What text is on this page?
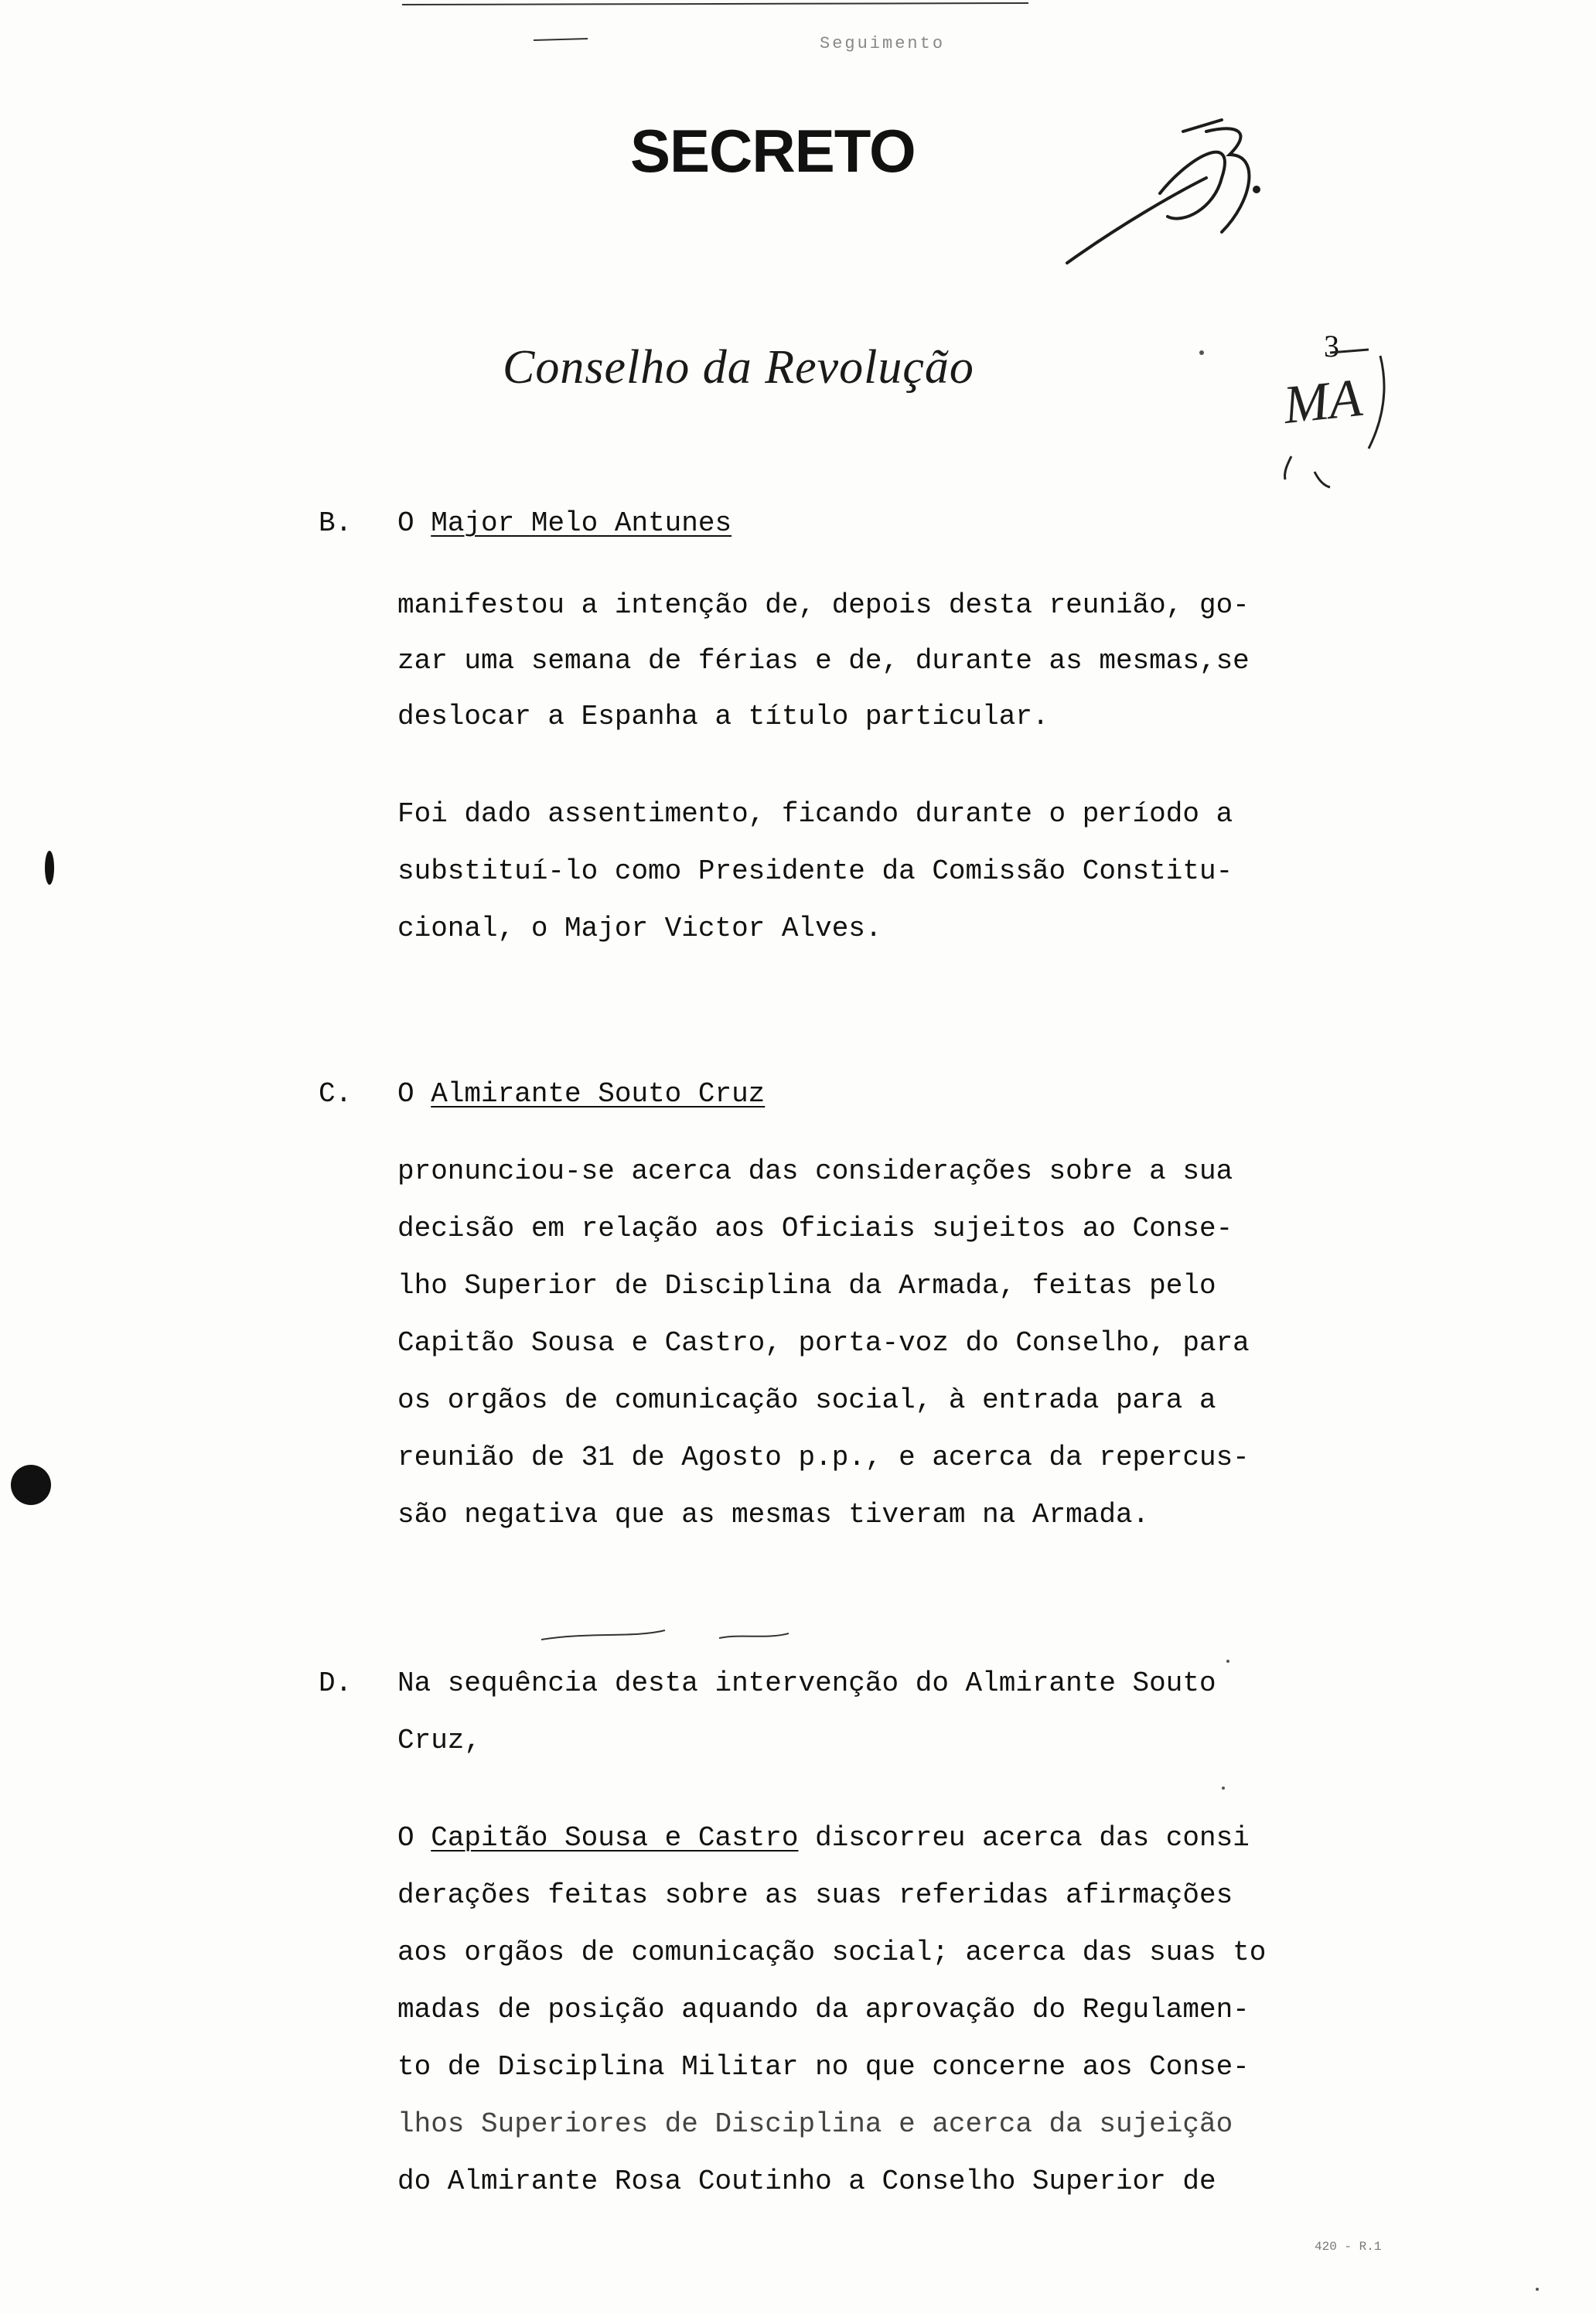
Seguimento
SECRETO
Conselho da Revolução	3
MA
B. O Major Melo Antunes
manifestou a intenção de, depois desta reunião, go-
zar uma semana de férias e de, durante as mesmas,se
deslocar a Espanha a título particular.
Foi dado assentimento, ficando durante o período a
substituí-lo como Presidente da Comissão Constitu-
cional, o Major Victor Alves.
C. O Almirante Souto Cruz
pronunciou-se acerca das considerações sobre a sua
decisão em relação aos Oficiais sujeitos ao Conse-
lho Superior de Disciplina da Armada, feitas pelo
Capitão Sousa e Castro, porta-voz do Conselho, para
os orgãos de comunicação social, à entrada para a
reunião de 31 de Agosto p.p., e acerca da repercus-
são negativa que as mesmas tiveram na Armada.
D. Na sequência desta intervenção do Almirante Souto
Cruz,
O Capitão Sousa e Castro discorreu acerca das consi
derações feitas sobre as suas referidas afirmações
aos orgãos de comunicação social; acerca das suas to
madas de posição aquando da aprovação do Regulamen-
to de Disciplina Militar no que concerne aos Conse-
lhos Superiores de Disciplina e acerca da sujeição
do Almirante Rosa Coutinho a Conselho Superior de
420 - R.1
